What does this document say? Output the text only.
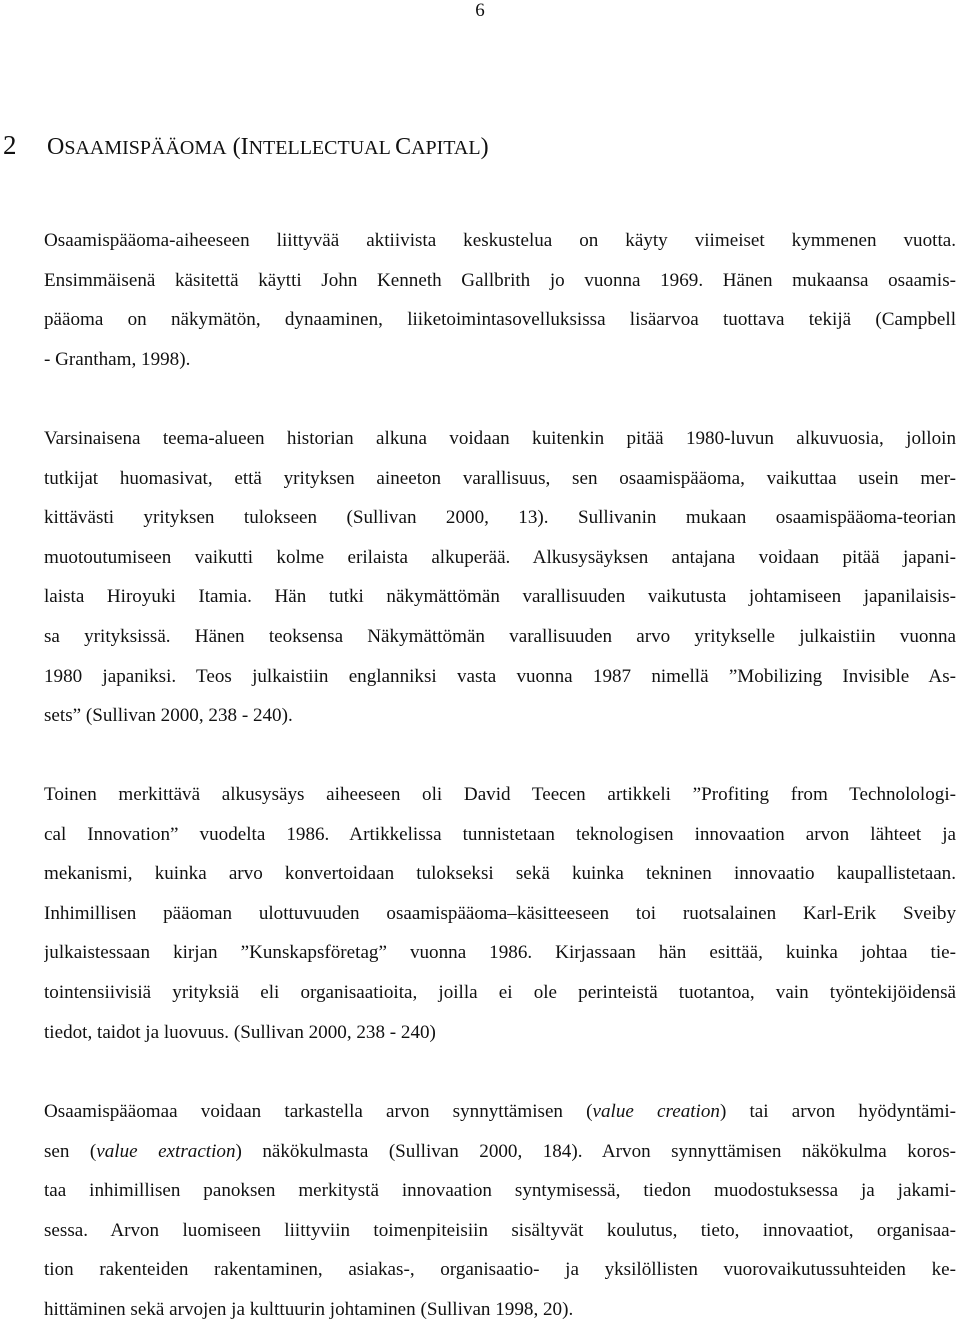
6
2 OSAAMISPÄÄOMA (INTELLECTUAL CAPITAL)
Osaamispääoma-aiheeseen liittyvää aktiivista keskustelua on käyty viimeiset kymmenen vuotta.
Ensimmäisenä käsitettä käytti John Kenneth Gallbrith jo vuonna 1969. Hänen mukaansa osaamis-
pääoma on näkymätön, dynaaminen, liiketoimintasovelluksissa lisäarvoa tuottava tekijä (Campbell
- Grantham, 1998).
Varsinaisena teema-alueen historian alkuna voidaan kuitenkin pitää 1980-luvun alkuvuosia, jolloin
tutkijat huomasivat, että yrityksen aineeton varallisuus, sen osaamispääoma, vaikuttaa usein mer-
kittävästi yrityksen tulokseen (Sullivan 2000, 13). Sullivanin mukaan osaamispääoma-teorian
muotoutumiseen vaikutti kolme erilaista alkuperää. Alkusysäyksen antajana voidaan pitää japani-
laista Hiroyuki Itamia. Hän tutki näkymättömän varallisuuden vaikutusta johtamiseen japanilaisis-
sa yrityksissä. Hänen teoksensa Näkymättömän varallisuuden arvo yritykselle julkaistiin vuonna
1980 japaniksi. Teos julkaistiin englanniksi vasta vuonna 1987 nimellä ”Mobilizing Invisible As-
sets” (Sullivan 2000, 238 - 240).
Toinen merkittävä alkusysäys aiheeseen oli David Teecen artikkeli ”Profiting from Technolologi-
cal Innovation” vuodelta 1986. Artikkelissa tunnistetaan teknologisen innovaation arvon lähteet ja
mekanismi, kuinka arvo konvertoidaan tulokseksi sekä kuinka tekninen innovaatio kaupallistetaan.
Inhimillisen pääoman ulottuvuuden osaamispääoma–käsitteeseen toi ruotsalainen Karl-Erik Sveiby
julkaistessaan kirjan ”Kunskapsföretag” vuonna 1986. Kirjassaan hän esittää, kuinka johtaa tie-
tointensiivisiä yrityksiä eli organisaatioita, joilla ei ole perinteistä tuotantoa, vain työntekijöidensä
tiedot, taidot ja luovuus. (Sullivan 2000, 238 - 240)
Osaamispääomaa voidaan tarkastella arvon synnyttämisen (value creation) tai arvon hyödyntämi-
sen (value extraction) näkökulmasta (Sullivan 2000, 184). Arvon synnyttämisen näkökulma koros-
taa inhimillisen panoksen merkitystä innovaation syntymisessä, tiedon muodostuksessa ja jakami-
sessa. Arvon luomiseen liittyviin toimenpiteisiin sisältyvät koulutus, tieto, innovaatiot, organisaa-
tion rakenteiden rakentaminen, asiakas-, organisaatio- ja yksilöllisten vuorovaikutussuhteiden ke-
hittäminen sekä arvojen ja kulttuurin johtaminen (Sullivan 1998, 20).
